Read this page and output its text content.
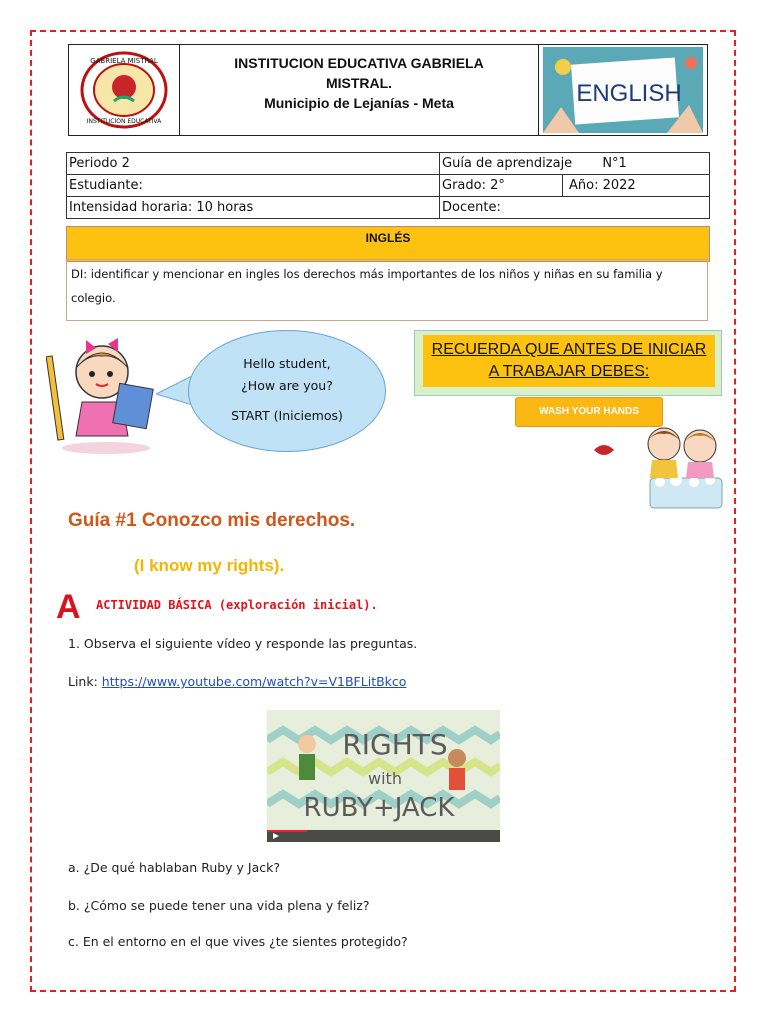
GABRIELA MISTRAL
INSTITUCION EDUCATIVA
INSTITUCION EDUCATIVA GABRIELA
MISTRAL.
Municipio de Lejanías - Meta	ENGLISH
Periodo 2	Guía de aprendizaje N°1	
Estudiante:	Grado: 2°	Año: 2022
Intensidad horaria: 10 horas	Docente:	
INGLÉS
DI: identificar y mencionar en ingles los derechos más importantes de los niños y niñas en su familia y colegio.
Hello student,
¿How are you?
START (Iniciemos)
RECUERDA QUE ANTES DE INICIAR
A TRABAJAR DEBES:
WASH YOUR HANDS
Guía #1 Conozco mis derechos.
(I know my rights).
A ACTIVIDAD BÁSICA (exploración inicial).
1. Observa el siguiente vídeo y responde las preguntas.
Link: https://www.youtube.com/watch?v=V1BFLitBkco
RIGHTS
with
RUBY+JACK
a. ¿De qué hablaban Ruby y Jack?
b. ¿Cómo se puede tener una vida plena y feliz?
c. En el entorno en el que vives ¿te sientes protegido?
